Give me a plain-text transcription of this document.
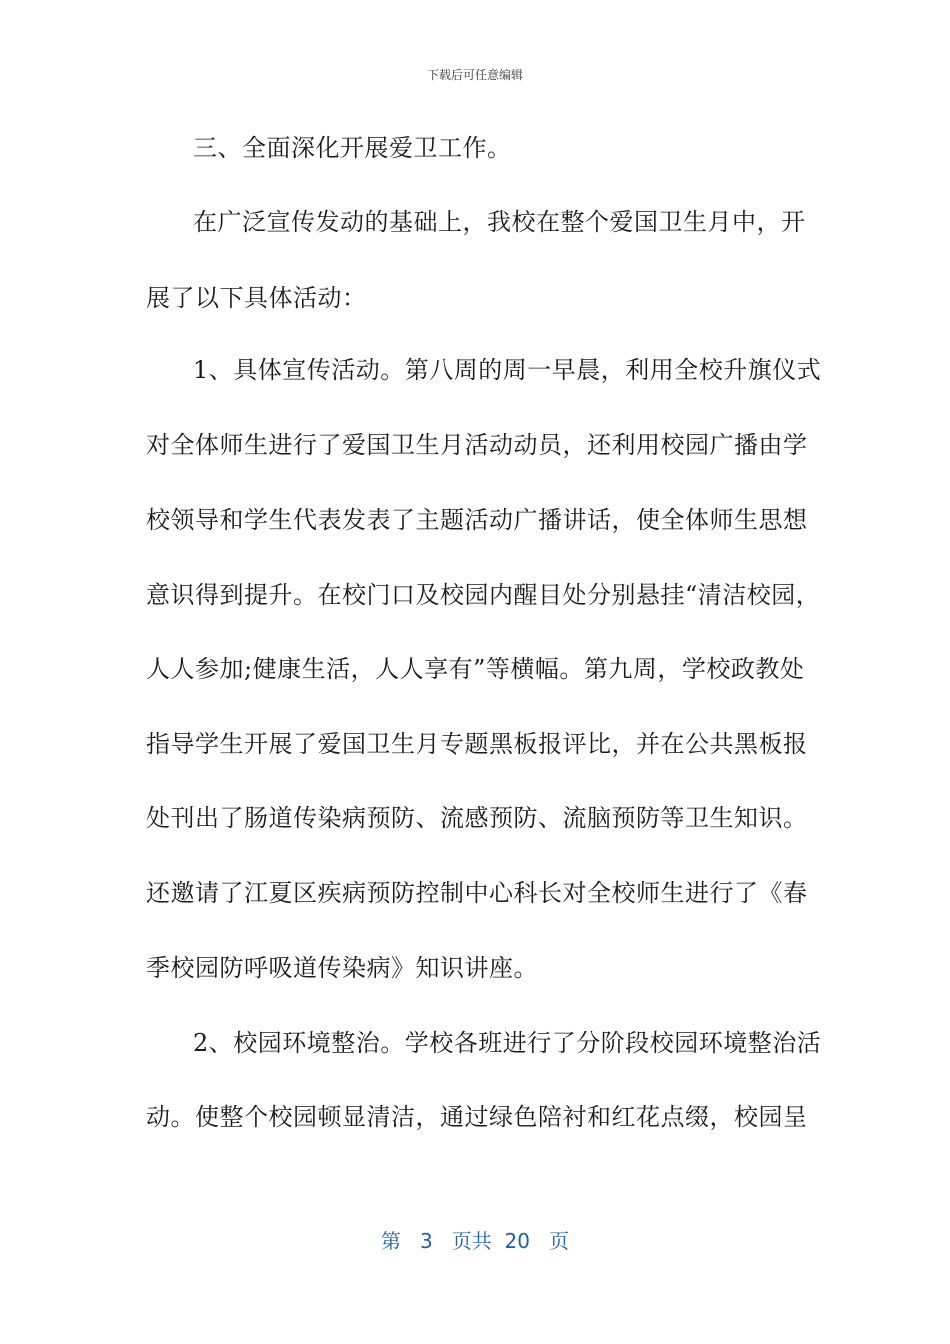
下载后可任意编辑
三、全面深化开展爱卫工作。
在广泛宣传发动的基础上，我校在整个爱国卫生月中，开
展了以下具体活动：
1、具体宣传活动。第八周的周一早晨，利用全校升旗仪式
对全体师生进行了爱国卫生月活动动员，还利用校园广播由学
校领导和学生代表发表了主题活动广播讲话，使全体师生思想
意识得到提升。在校门口及校园内醒目处分别悬挂“清洁校园，
人人参加;健康生活，人人享有”等横幅。第九周，学校政教处
指导学生开展了爱国卫生月专题黑板报评比，并在公共黑板报
处刊出了肠道传染病预防、流感预防、流脑预防等卫生知识。
还邀请了江夏区疾病预防控制中心科长对全校师生进行了《春
季校园防呼吸道传染病》知识讲座。
2、校园环境整治。学校各班进行了分阶段校园环境整治活
动。使整个校园顿显清洁，通过绿色陪衬和红花点缀，校园呈
第 3 页共 20 页
